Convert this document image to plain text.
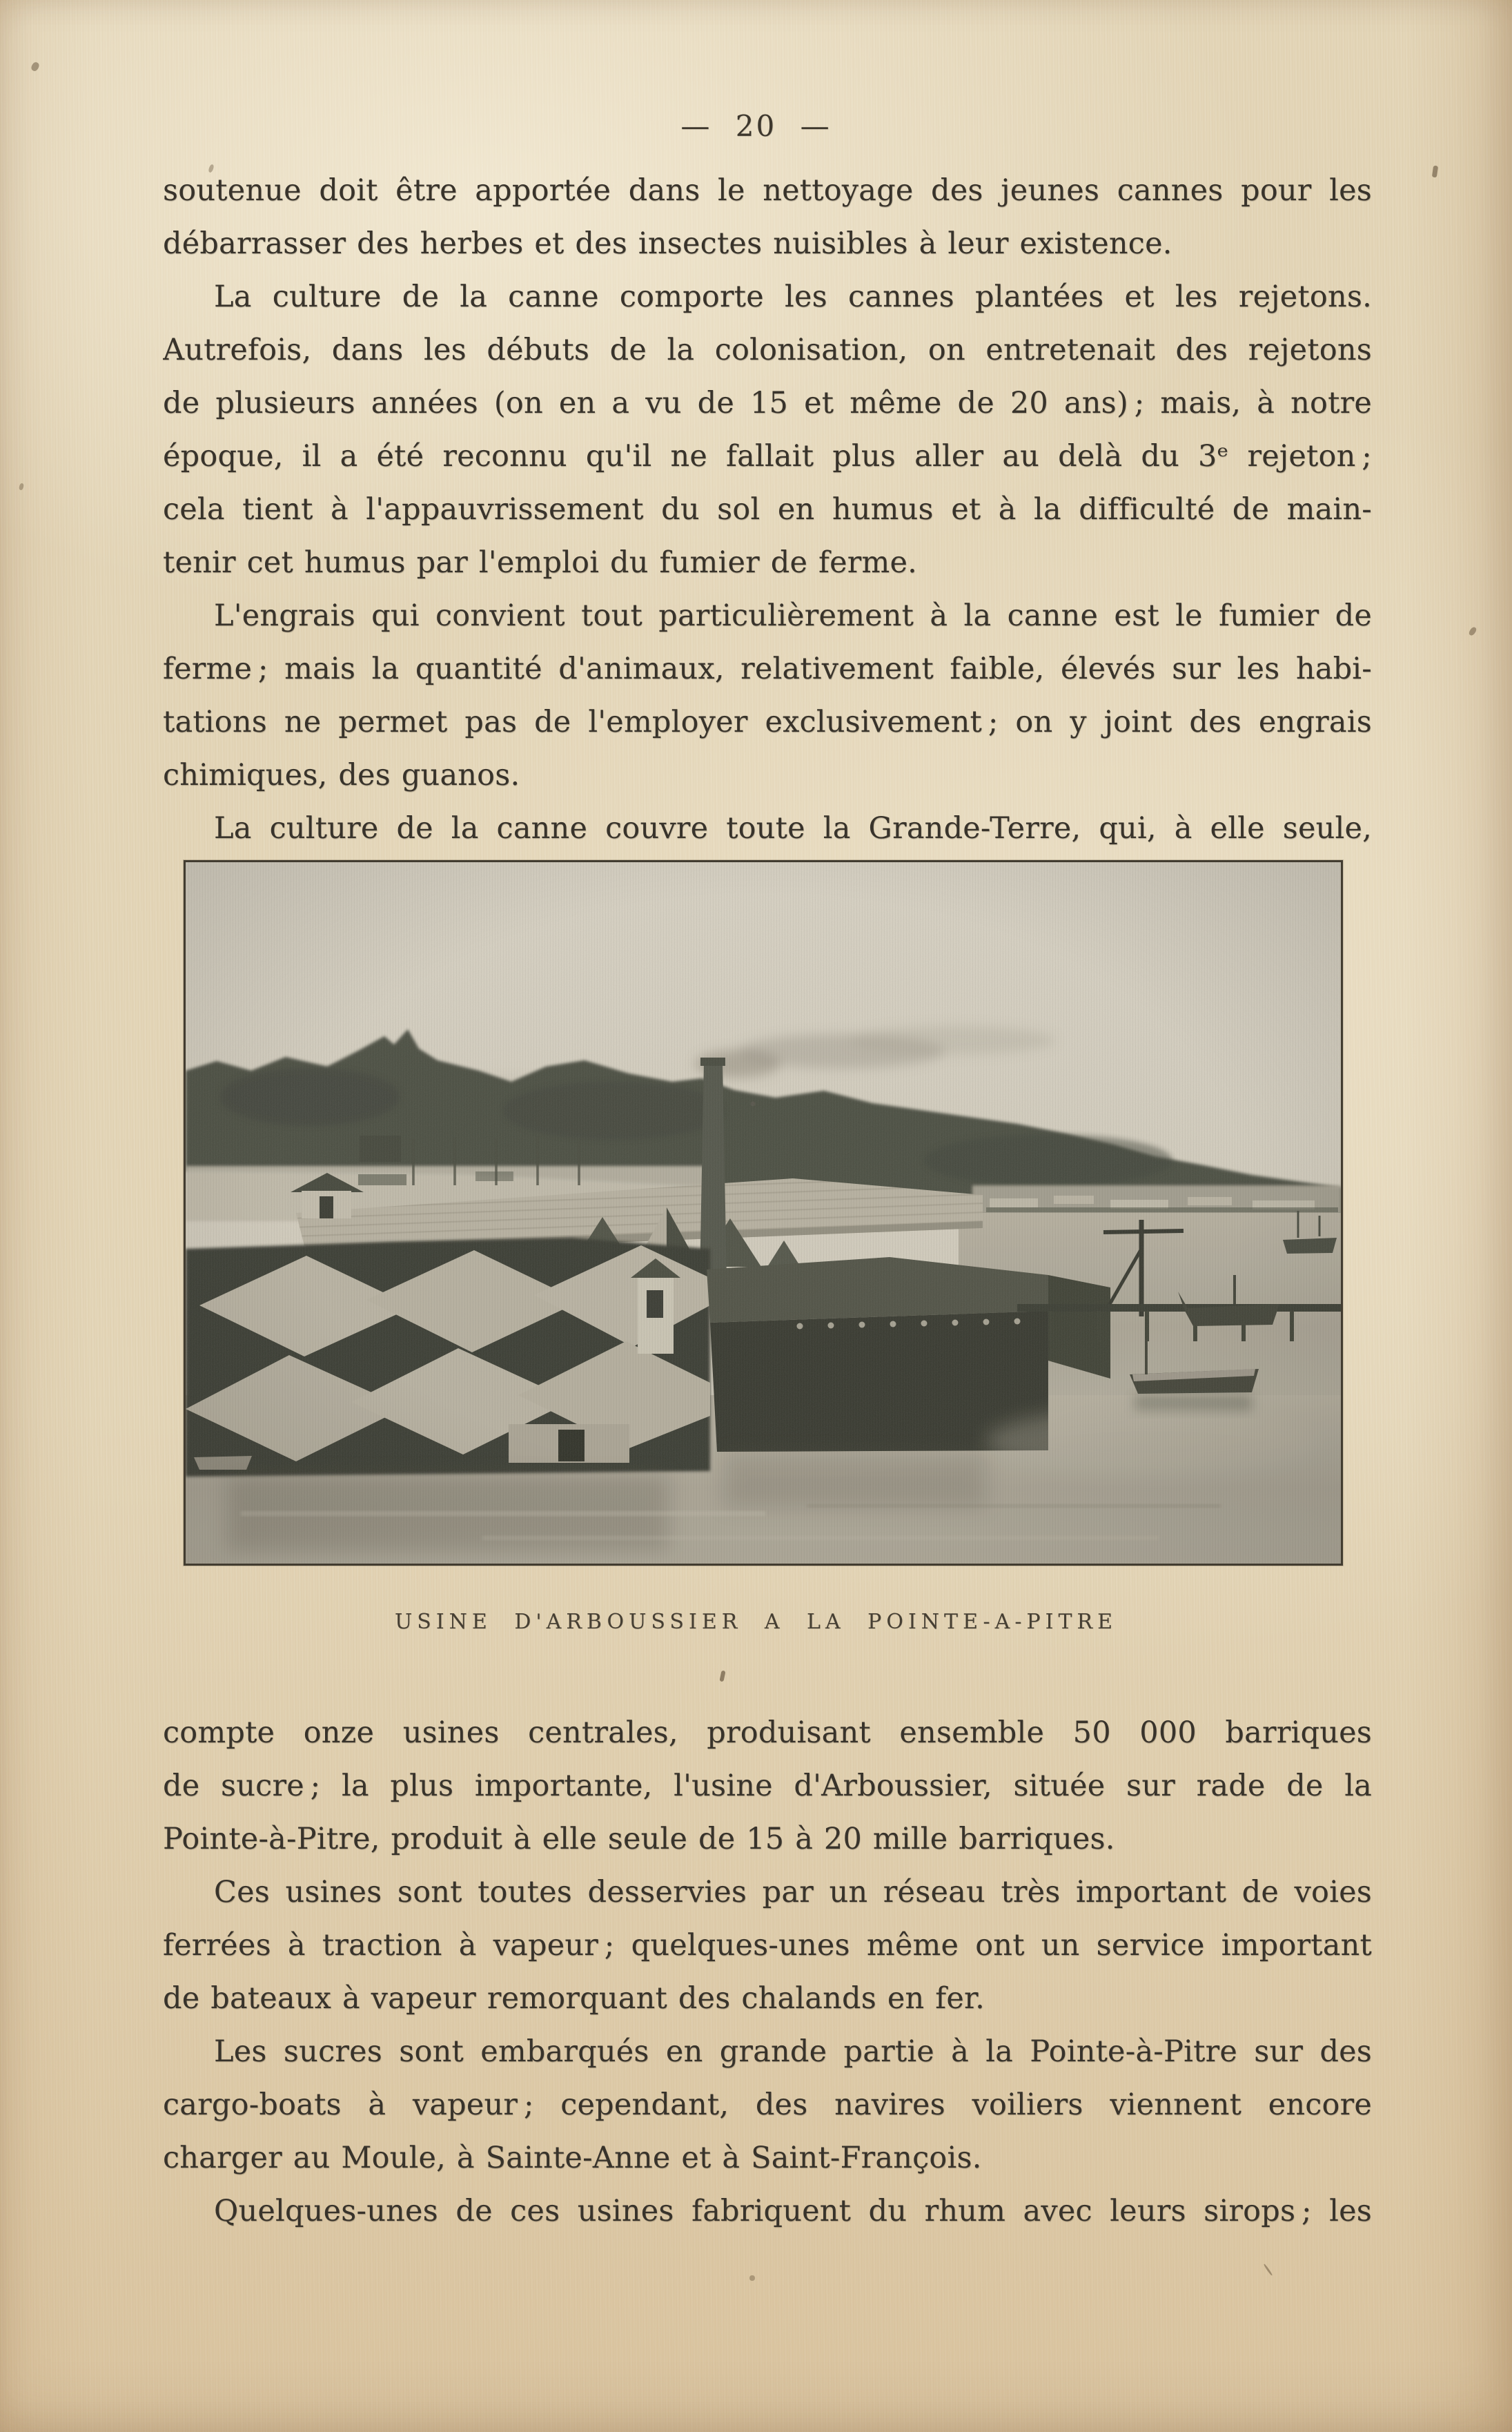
— 20 —
soutenue doit être apportée dans le nettoyage des jeunes cannes pour les
débarrasser des herbes et des insectes nuisibles à leur existence.
La culture de la canne comporte les cannes plantées et les rejetons.
Autrefois, dans les débuts de la colonisation, on entretenait des rejetons
de plusieurs années (on en a vu de 15 et même de 20 ans) ; mais, à notre
époque, il a été reconnu qu'il ne fallait plus aller au delà du 3ᵉ rejeton ;
cela tient à l'appauvrissement du sol en humus et à la difficulté de main-
tenir cet humus par l'emploi du fumier de ferme.
L'engrais qui convient tout particulièrement à la canne est le fumier de
ferme ; mais la quantité d'animaux, relativement faible, élevés sur les habi-
tations ne permet pas de l'employer exclusivement ; on y joint des engrais
chimiques, des guanos.
La culture de la canne couvre toute la Grande-Terre, qui, à elle seule,
USINE D'ARBOUSSIER A LA POINTE-A-PITRE
compte onze usines centrales, produisant ensemble 50 000 barriques
de sucre ; la plus importante, l'usine d'Arboussier, située sur rade de la
Pointe-à-Pitre, produit à elle seule de 15 à 20 mille barriques.
Ces usines sont toutes desservies par un réseau très important de voies
ferrées à traction à vapeur ; quelques-unes même ont un service important
de bateaux à vapeur remorquant des chalands en fer.
Les sucres sont embarqués en grande partie à la Pointe-à-Pitre sur des
cargo-boats à vapeur ; cependant, des navires voiliers viennent encore
charger au Moule, à Sainte-Anne et à Saint-François.
Quelques-unes de ces usines fabriquent du rhum avec leurs sirops ; les
